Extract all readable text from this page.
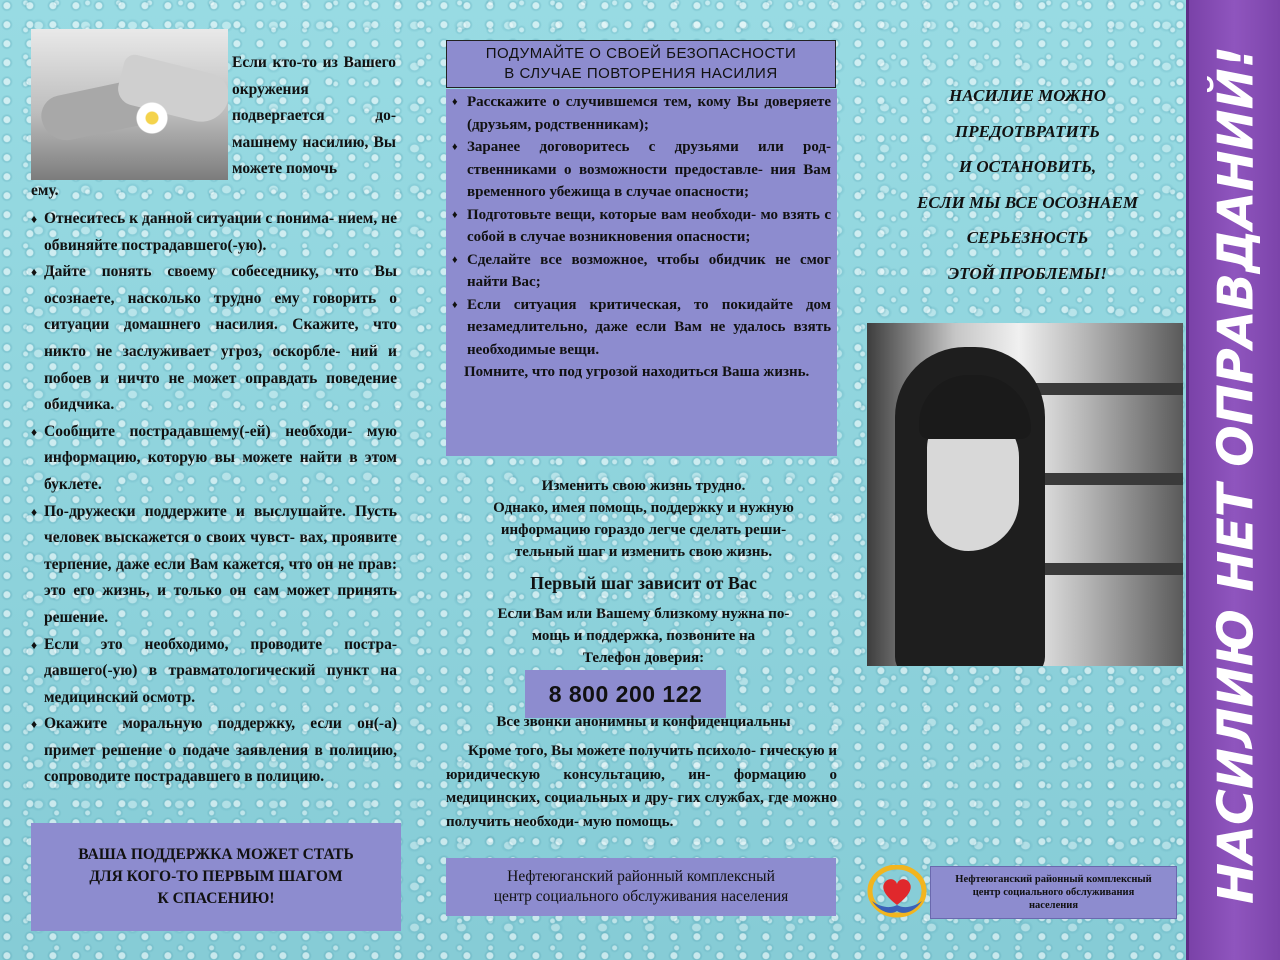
Если кто-то из Вашего окружения подвергается до- машнему насилию, Вы можете помочь
ему.
♦ Отнеситесь к данной ситуации с понима- нием, не обвиняйте пострадавшего(-ую).
♦ Дайте понять своему собеседнику, что Вы осознаете, насколько трудно ему говорить о ситуации домашнего насилия. Скажите, что никто не заслуживает угроз, оскорбле- ний и побоев и ничто не может оправдать поведение обидчика.
♦ Сообщите пострадавшему(-ей) необходи- мую информацию, которую вы можете найти в этом буклете.
♦ По-дружески поддержите и выслушайте. Пусть человек выскажется о своих чувст- вах, проявите терпение, даже если Вам кажется, что он не прав: это его жизнь, и только он сам может принять решение.
♦ Если это необходимо, проводите постра- давшего(-ую) в травматологический пункт на медицинский осмотр.
♦ Окажите моральную поддержку, если он(-а) примет решение о подаче заявления в полицию, сопроводите пострадавшего в полицию.
ВАША ПОДДЕРЖКА МОЖЕТ СТАТЬ
ДЛЯ КОГО-ТО ПЕРВЫМ ШАГОМ
К СПАСЕНИЮ!
ПОДУМАЙТЕ О СВОЕЙ БЕЗОПАСНОСТИ
В СЛУЧАЕ ПОВТОРЕНИЯ НАСИЛИЯ
♦ Расскажите о случившемся тем, кому Вы доверяете (друзьям, родственникам);
♦ Заранее договоритесь с друзьями или род- ственниками о возможности предоставле- ния Вам временного убежища в случае опасности;
♦ Подготовьте вещи, которые вам необходи- мо взять с собой в случае возникновения опасности;
♦ Сделайте все возможное, чтобы обидчик не смог найти Вас;
♦ Если ситуация критическая, то покидайте дом незамедлительно, даже если Вам не удалось взять необходимые вещи.

Помните, что под угрозой находиться Ваша жизнь.

Изменить свою жизнь трудно.
Однако, имея помощь, поддержку и нужную
информацию гораздо легче сделать реши-
тельный шаг и изменить свою жизнь.
Первый шаг зависит от Вас
Если Вам или Вашему близкому нужна по-
мощь и поддержка, позвоните на
Телефон доверия:
8 800 200 122
Все звонки анонимны и конфиденциальны
Кроме того, Вы можете получить психоло- гическую и юридическую консультацию, ин- формацию о медицинских, социальных и дру- гих службах, где можно получить необходи- мую помощь.
Нефтеюганский районный комплексный
центр социального обслуживания населения
НАСИЛИЕ МОЖНО
ПРЕДОТВРАТИТЬ
И ОСТАНОВИТЬ,
ЕСЛИ МЫ ВСЕ ОСОЗНАЕМ
СЕРЬЕЗНОСТЬ
ЭТОЙ ПРОБЛЕМЫ!
Нефтеюганский районный комплексный
центр социального обслуживания
населения
НАСИЛИЮ НЕТ ОПРАВДАНИЙ!
